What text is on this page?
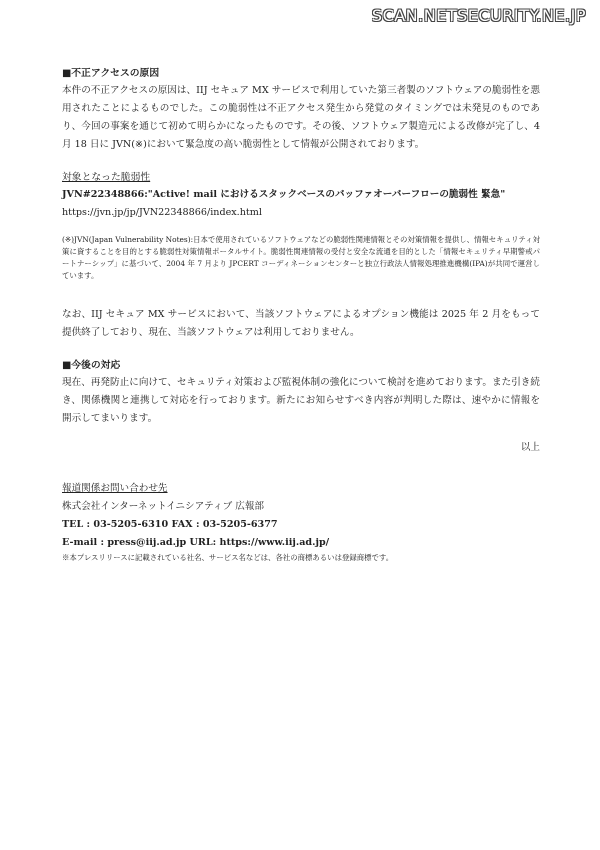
SCAN.NETSECURITY.NE.JP

■不正アクセスの原因

本件の不正アクセスの原因は、IIJ セキュア MX サービスで利用していた第三者製のソフトウェアの脆弱性を悪用されたことによるものでした。この脆弱性は不正アクセス発生から発覚のタイミングでは未発見のものであり、今回の事案を通じて初めて明らかになったものです。その後、ソフトウェア製造元による改修が完了し、4 月 18 日に JVN(※)において緊急度の高い脆弱性として情報が公開されております。

対象となった脆弱性

JVN#22348866:"Active! mail におけるスタックベースのバッファオーバーフローの脆弱性 緊急"

https://jvn.jp/jp/JVN22348866/index.html

(※)JVN(Japan Vulnerability Notes):日本で使用されているソフトウェアなどの脆弱性関連情報とその対策情報を提供し、情報セキュリティ対策に資することを目的とする脆弱性対策情報ポータルサイト。脆弱性関連情報の受付と安全な流通を目的とした「情報セキュリティ早期警戒パートナーシップ」に基づいて、2004 年 7 月より JPCERT コーディネーションセンターと独立行政法人情報処理推進機構(IPA)が共同で運営しています。

なお、IIJ セキュア MX サービスにおいて、当該ソフトウェアによるオプション機能は 2025 年 2 月をもって提供終了しており、現在、当該ソフトウェアは利用しておりません。

■今後の対応

現在、再発防止に向けて、セキュリティ対策および監視体制の強化について検討を進めております。また引き続き、関係機関と連携して対応を行っております。新たにお知らせすべき内容が判明した際は、速やかに情報を開示してまいります。

以上

報道関係お問い合わせ先

株式会社インターネットイニシアティブ 広報部

TEL : 03-5205-6310 FAX : 03-5205-6377

E-mail : press@iij.ad.jp URL: https://www.iij.ad.jp/

※本プレスリリースに記載されている社名、サービス名などは、各社の商標あるいは登録商標です。
